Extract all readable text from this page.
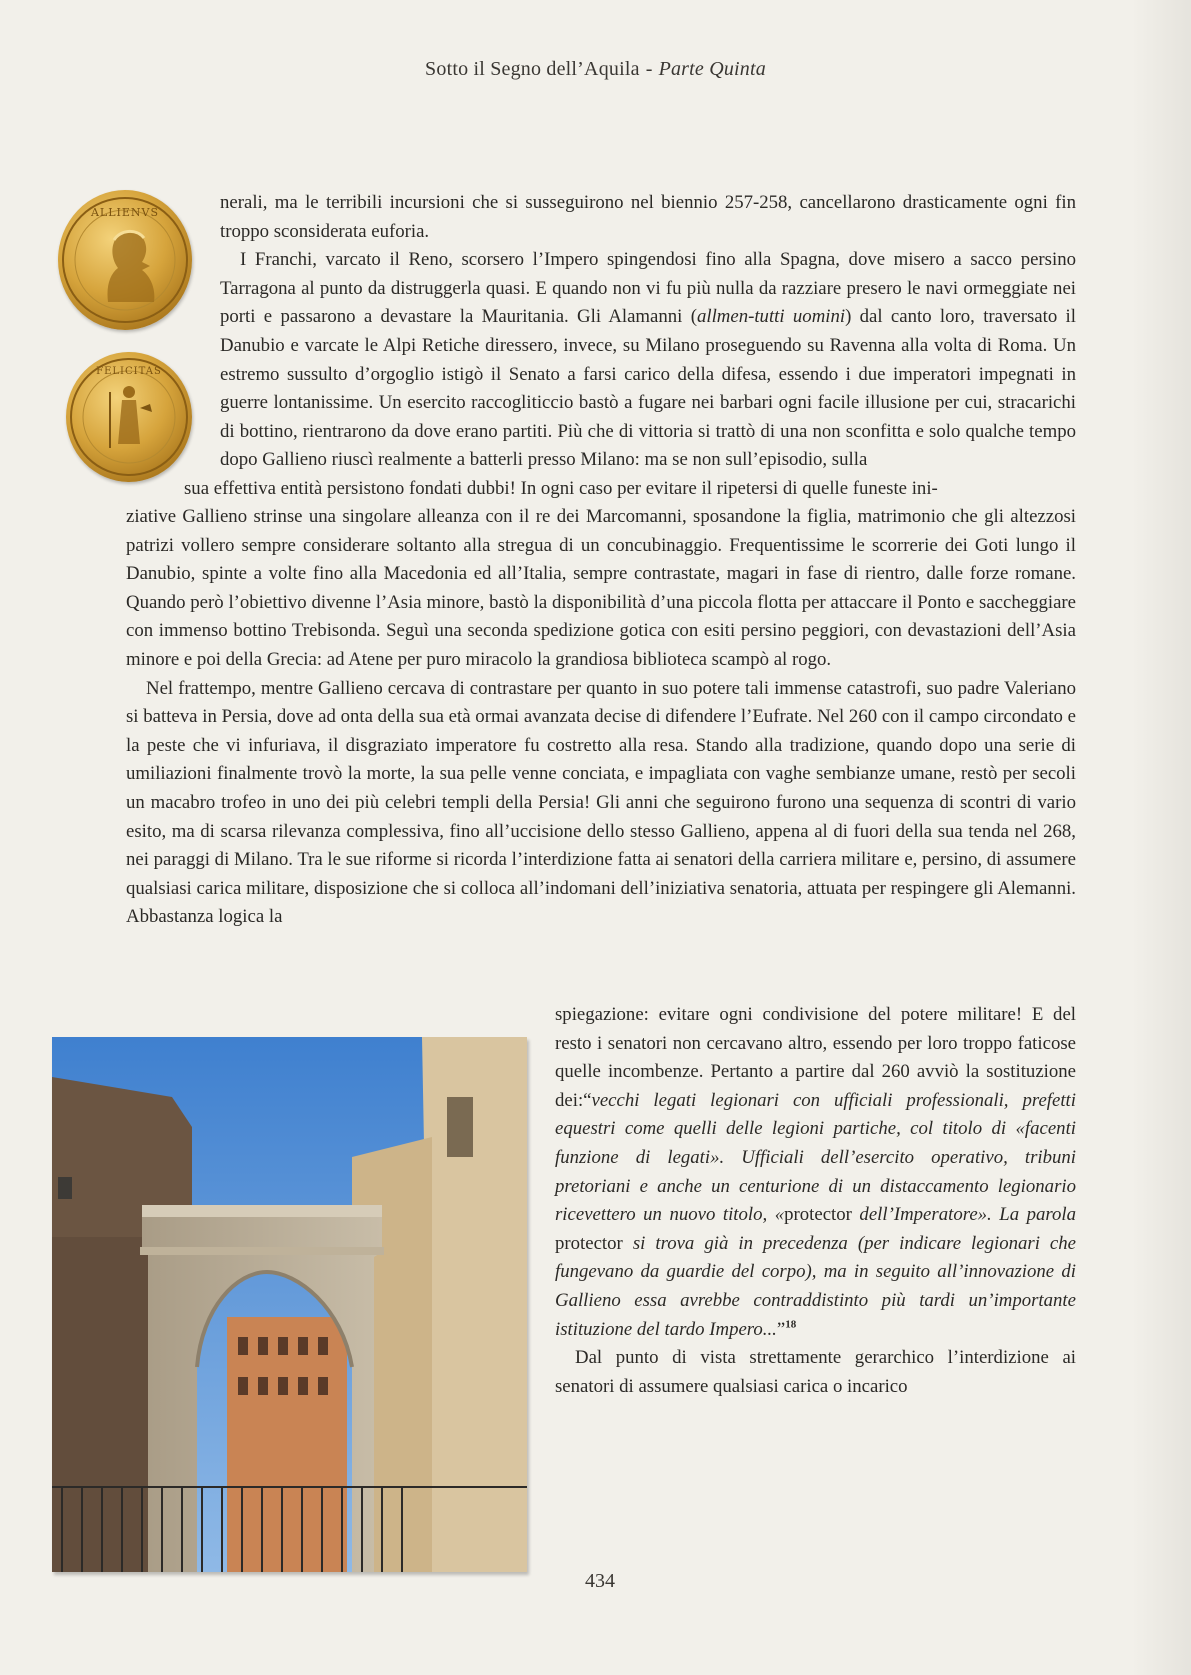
Sotto il Segno dell’Aquila - Parte Quinta
ALLIENVS
FELICITAS

nerali, ma le terribili incursioni che si susseguirono nel biennio 257-258, cancellarono drasticamente ogni fin troppo sconsiderata euforia.

I Franchi, varcato il Reno, scorsero l’Impero spingendosi fino alla Spagna, dove misero a sacco persino Tarragona al punto da distruggerla quasi. E quando non vi fu più nulla da razziare presero le navi ormeggiate nei porti e passarono a devastare la Mauritania. Gli Alamanni (allmen-tutti uomini) dal canto loro, traversato il Danubio e varcate le Alpi Retiche diressero, invece, su Milano proseguendo su Ravenna alla volta di Roma. Un estremo sussulto d’orgoglio istigò il Senato a farsi carico della difesa, essendo i due imperatori impegnati in guerre lontanissime. Un esercito raccogliticcio bastò a fugare nei barbari ogni facile illusione per cui, stracarichi di bottino, rientrarono da dove erano partiti. Più che di vittoria si trattò di una non sconfitta e solo qualche tempo dopo Gallieno riuscì realmente a batterli presso Milano: ma se non sull’episodio, sulla

sua effettiva entità persistono fondati dubbi! In ogni caso per evitare il ripetersi di quelle funeste ini-

ziative Gallieno strinse una singolare alleanza con il re dei Marcomanni, sposandone la figlia, matrimonio che gli altezzosi patrizi vollero sempre considerare soltanto alla stregua di un concubinaggio. Frequentissime le scorrerie dei Goti lungo il Danubio, spinte a volte fino alla Macedonia ed all’Italia, sempre contrastate, magari in fase di rientro, dalle forze romane. Quando però l’obiettivo divenne l’Asia minore, bastò la disponibilità d’una piccola flotta per attaccare il Ponto e saccheggiare con immenso bottino Trebisonda. Seguì una seconda spedizione gotica con esiti persino peggiori, con devastazioni dell’Asia minore e poi della Grecia: ad Atene per puro miracolo la grandiosa biblioteca scampò al rogo.

Nel frattempo, mentre Gallieno cercava di contrastare per quanto in suo potere tali immense catastrofi, suo padre Valeriano si batteva in Persia, dove ad onta della sua età ormai avanzata decise di difendere l’Eufrate. Nel 260 con il campo circondato e la peste che vi infuriava, il disgraziato imperatore fu costretto alla resa. Stando alla tradizione, quando dopo una serie di umiliazioni finalmente trovò la morte, la sua pelle venne conciata, e impagliata con vaghe sembianze umane, restò per secoli un macabro trofeo in uno dei più celebri templi della Persia! Gli anni che seguirono furono una sequenza di scontri di vario esito, ma di scarsa rilevanza complessiva, fino all’uccisione dello stesso Gallieno, appena al di fuori della sua tenda nel 268, nei paraggi di Milano. Tra le sue riforme si ricorda l’interdizione fatta ai senatori della carriera militare e, persino, di assumere qualsiasi carica militare, disposizione che si colloca all’indomani dell’iniziativa senatoria, attuata per respingere gli Alemanni. Abbastanza logica la

spiegazione: evitare ogni condivisione del potere militare! E del resto i senatori non cercavano altro, essendo per loro troppo faticose quelle incombenze. Pertanto a partire dal 260 avviò la sostituzione dei:“vecchi legati legionari con ufficiali professionali, prefetti equestri come quelli delle legioni partiche, col titolo di «facenti funzione di legati». Ufficiali dell’esercito operativo, tribuni pretoriani e anche un centurione di un distaccamento legionario ricevettero un nuovo titolo, «protector dell’Imperatore». La parola protector si trova già in precedenza (per indicare legionari che fungevano da guardie del corpo), ma in seguito all’innovazione di Gallieno essa avrebbe contraddistinto più tardi un’importante istituzione del tardo Impero...”$^{18}$

Dal punto di vista strettamente gerarchico l’interdizione ai senatori di assumere qualsiasi carica o incarico

434
